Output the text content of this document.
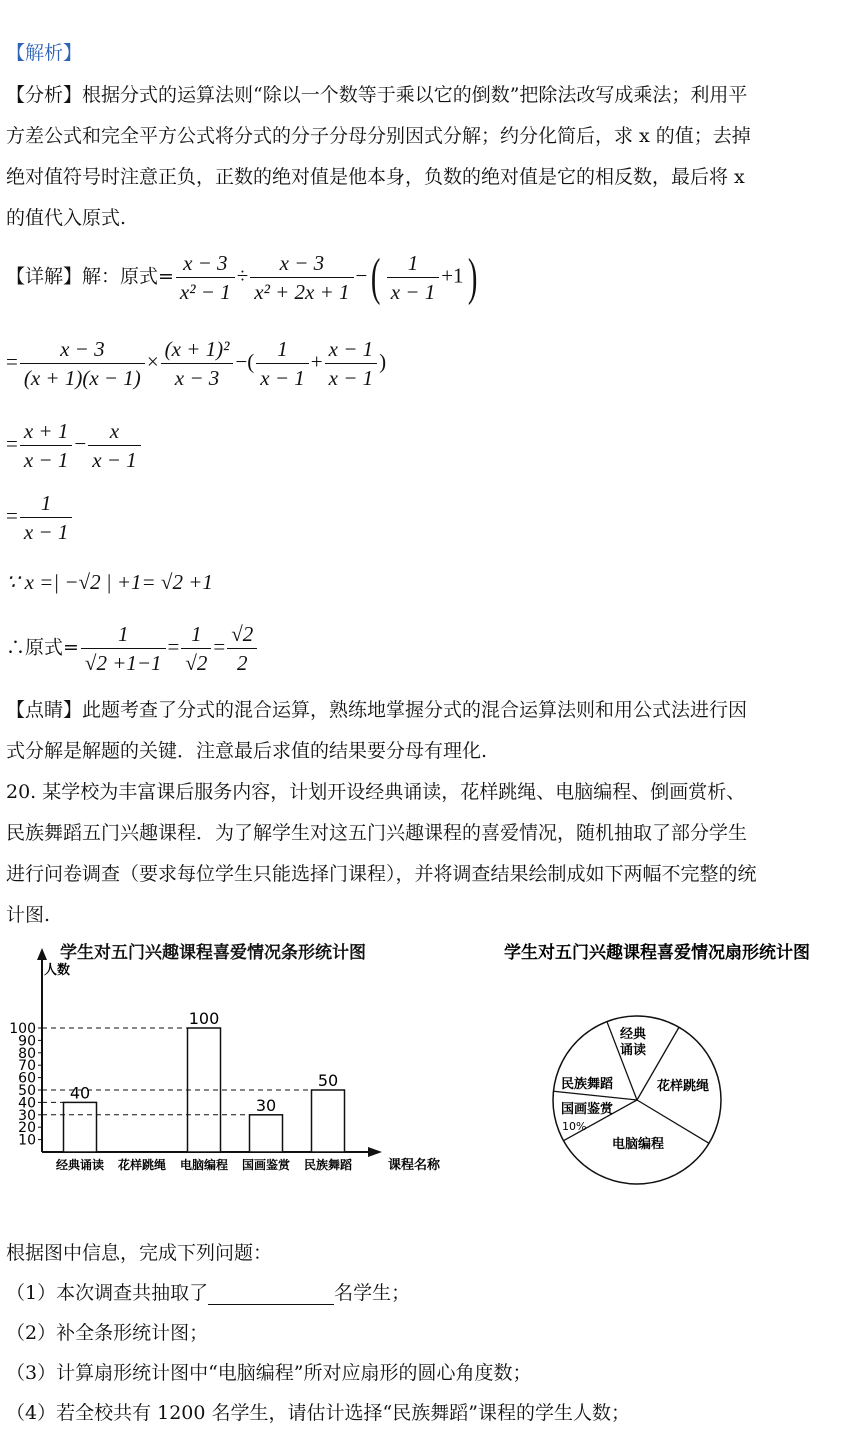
【解析】
【分析】根据分式的运算法则“除以一个数等于乘以它的倒数”把除法改写成乘法；利用平
方差公式和完全平方公式将分式的分子分母分别因式分解；约分化简后，求 x 的值；去掉
绝对值符号时注意正负，正数的绝对值是他本身，负数的绝对值是它的相反数，最后将 x
的值代入原式.
【详解】解：原式= $\frac{x - 3}{\text{x² − 1}} \div \frac{x - 3}{\text{x² + 2x + 1}}$ −( $\frac{1}{x - 1} +1$)
= $\frac{x - 3}{(x + 1)(x - 1)} \times \frac{\text{(x + 1)²}}{x - 3}$ −( $\frac{1}{x - 1} + \frac{x - 1}{x - 1}$ )
= $\frac{x + 1}{x - 1} - \frac{x}{x - 1}$
= $\frac{1}{x - 1}$
∵ x =| −√2 | +1= √2 +1
∴原式= $\frac{1}{√2 +1-1} = \frac{1}{√2} = \frac{√2}{2}$
【点睛】此题考查了分式的混合运算，熟练地掌握分式的混合运算法则和用公式法进行因
式分解是解题的关键．注意最后求值的结果要分母有理化.
20. 某学校为丰富课后服务内容，计划开设经典诵读，花样跳绳、电脑编程、倒画赏析、
民族舞蹈五门兴趣课程．为了解学生对这五门兴趣课程的喜爱情况，随机抽取了部分学生
进行问卷调查（要求每位学生只能选择门课程），并将调查结果绘制成如下两幅不完整的统
计图.
学生对五门兴趣课程喜爱情况条形统计图
人数
课程名称
10
20
30
40
50
60
70
80
90
100
经典诵读
40
花样跳绳 电脑编程
100
国画鉴赏
30
民族舞蹈
50
学生对五门兴趣课程喜爱情况扇形统计图
经典
诵读
花样跳绳
电脑编程
国画鉴赏
民族舞蹈
10%
根据图中信息，完成下列问题：
（1）本次调查共抽取了	名学生；
（2）补全条形统计图；
（3）计算扇形统计图中“电脑编程”所对应扇形的圆心角度数；
（4）若全校共有 1200 名学生，请估计选择“民族舞蹈”课程的学生人数；
